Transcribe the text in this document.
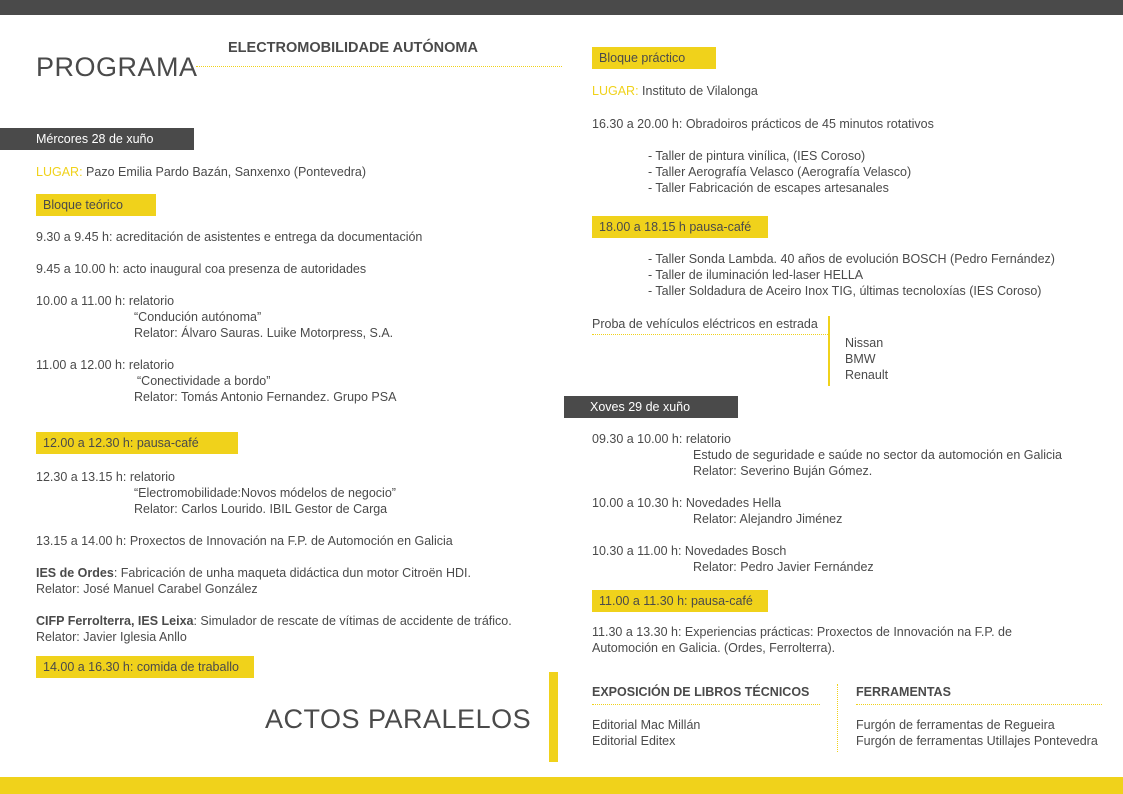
PROGRAMA
ELECTROMOBILIDADE AUTÓNOMA
Mércores 28 de xuño
LUGAR: Pazo Emilia Pardo Bazán, Sanxenxo (Pontevedra)
Bloque teórico
9.30 a 9.45 h: acreditación de asistentes e entrega da documentación
9.45 a 10.00 h: acto inaugural coa presenza de autoridades
10.00 a 11.00 h: relatorio
“Condución autónoma”
Relator: Álvaro Sauras. Luike Motorpress, S.A.
11.00 a 12.00 h: relatorio
“Conectividade a bordo”
Relator: Tomás Antonio Fernandez. Grupo PSA
12.00 a 12.30 h: pausa-café
12.30 a 13.15 h: relatorio
“Electromobilidade:Novos módelos de negocio”
Relator: Carlos Lourido. IBIL Gestor de Carga
13.15 a 14.00 h: Proxectos de Innovación na F.P. de Automoción en Galicia
IES de Ordes: Fabricación de unha maqueta didáctica dun motor Citroën HDI.
Relator: José Manuel Carabel González
CIFP Ferrolterra, IES Leixa: Simulador de rescate de vítimas de accidente de tráfico.
Relator: Javier Iglesia Anllo
14.00 a 16.30 h: comida de traballo
ACTOS PARALELOS
Bloque práctico
LUGAR: Instituto de Vilalonga
16.30 a 20.00 h: Obradoiros prácticos de 45 minutos rotativos
- Taller de pintura vinílica, (IES Coroso)
- Taller Aerografía Velasco (Aerografía Velasco)
- Taller Fabricación de escapes artesanales
18.00 a 18.15 h pausa-café
- Taller Sonda Lambda. 40 años de evolución BOSCH (Pedro Fernández)
- Taller de iluminación led-laser HELLA
- Taller Soldadura de Aceiro Inox TIG, últimas tecnoloxías (IES Coroso)
Proba de vehículos eléctricos en estrada
Nissan
BMW
Renault
Xoves 29 de xuño
09.30 a 10.00 h: relatorio
Estudo de seguridade e saúde no sector da automoción en Galicia
Relator: Severino Buján Gómez.
10.00 a 10.30 h: Novedades Hella
Relator: Alejandro Jiménez
10.30 a 11.00 h: Novedades Bosch
Relator: Pedro Javier Fernández
11.00 a 11.30 h: pausa-café
11.30 a 13.30 h: Experiencias prácticas: Proxectos de Innovación na F.P. de
Automoción en Galicia. (Ordes, Ferrolterra).
EXPOSICIÓN DE LIBROS TÉCNICOS
Editorial Mac Millán
Editorial Editex
FERRAMENTAS
Furgón de ferramentas de Regueira
Furgón de ferramentas Utillajes Pontevedra
